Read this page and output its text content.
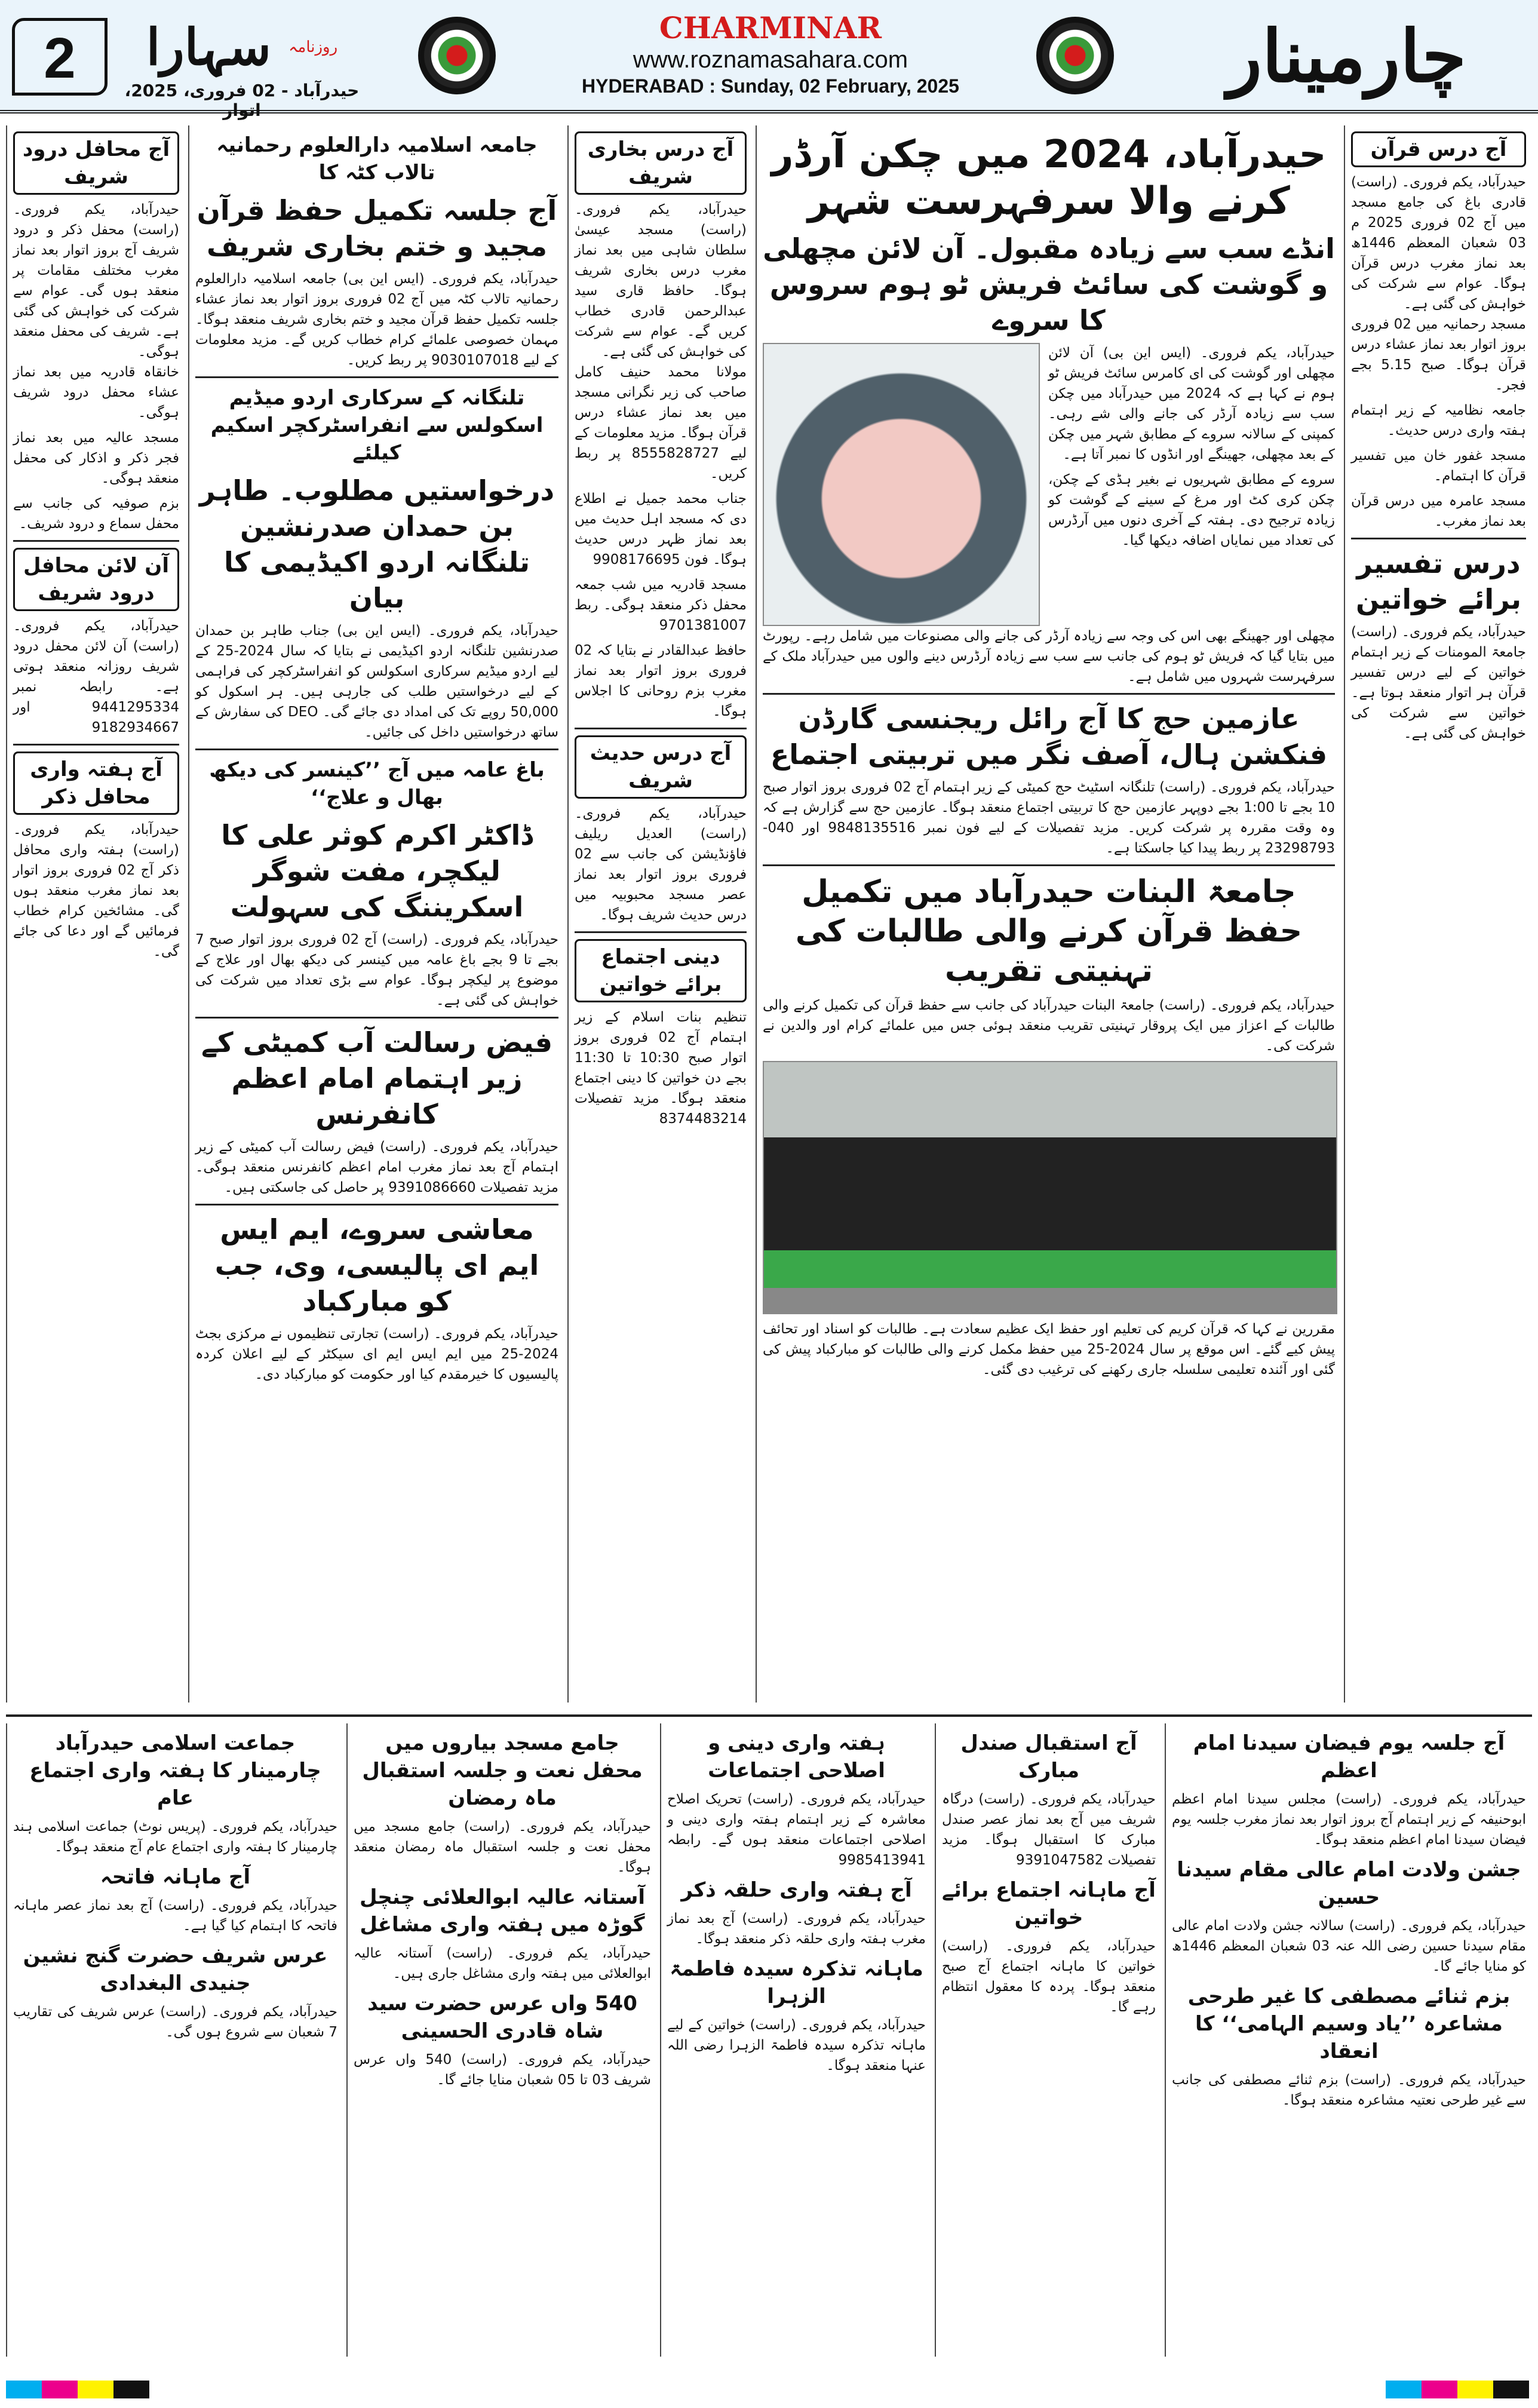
2	$^{روزنامہ}$ سہارا
حیدرآباد - 02 فروری، 2025، اتوار
CHARMINAR
www.roznamasahara.com
HYDERABAD : Sunday, 02 February, 2025	چارمینار
آج محافل درود شریف
حیدرآباد، یکم فروری۔ (راست) محفل ذکر و درود شریف آج بروز اتوار بعد نماز مغرب مختلف مقامات پر منعقد ہوں گی۔ عوام سے شرکت کی خواہش کی گئی ہے۔ شریف کی محفل منعقد ہوگی۔

خانقاہ قادریہ میں بعد نماز عشاء محفل درود شریف ہوگی۔

مسجد عالیہ میں بعد نماز فجر ذکر و اذکار کی محفل منعقد ہوگی۔

بزم صوفیہ کی جانب سے محفل سماع و درود شریف۔

آن لائن محافل درود شریف
حیدرآباد، یکم فروری۔ (راست) آن لائن محفل درود شریف روزانہ منعقد ہوتی ہے۔ رابطہ نمبر 9441295334 اور 9182934667
آج ہفتہ واری محافل ذکر
حیدرآباد، یکم فروری۔ (راست) ہفتہ واری محافل ذکر آج 02 فروری بروز اتوار بعد نماز مغرب منعقد ہوں گی۔ مشائخین کرام خطاب فرمائیں گے اور دعا کی جائے گی۔
جامعہ اسلامیہ دارالعلوم رحمانیہ تالاب کٹہ کا
آج جلسہ تکمیل حفظ قرآن مجید و ختم بخاری شریف
حیدرآباد، یکم فروری۔ (ایس این بی) جامعہ اسلامیہ دارالعلوم رحمانیہ تالاب کٹہ میں آج 02 فروری بروز اتوار بعد نماز عشاء جلسہ تکمیل حفظ قرآن مجید و ختم بخاری شریف منعقد ہوگا۔ مہمان خصوصی علمائے کرام خطاب کریں گے۔ مزید معلومات کے لیے 9030107018 پر ربط کریں۔
تلنگانہ کے سرکاری اردو میڈیم اسکولس سے انفراسٹرکچر اسکیم کیلئے
درخواستیں مطلوب۔ طاہر بن حمدان صدرنشین تلنگانہ اردو اکیڈیمی کا بیان
حیدرآباد، یکم فروری۔ (ایس این بی) جناب طاہر بن حمدان صدرنشین تلنگانہ اردو اکیڈیمی نے بتایا کہ سال 2024-25 کے لیے اردو میڈیم سرکاری اسکولس کو انفراسٹرکچر کی فراہمی کے لیے درخواستیں طلب کی جارہی ہیں۔ ہر اسکول کو 50,000 روپے تک کی امداد دی جائے گی۔ DEO کی سفارش کے ساتھ درخواستیں داخل کی جائیں۔
باغ عامہ میں آج ’’کینسر کی دیکھ بھال و علاج‘‘
ڈاکٹر اکرم کوثر علی کا لیکچر، مفت شوگر اسکریننگ کی سہولت
حیدرآباد، یکم فروری۔ (راست) آج 02 فروری بروز اتوار صبح 7 بجے تا 9 بجے باغ عامہ میں کینسر کی دیکھ بھال اور علاج کے موضوع پر لیکچر ہوگا۔ عوام سے بڑی تعداد میں شرکت کی خواہش کی گئی ہے۔
فیض رسالت آب کمیٹی کے زیر اہتمام امام اعظم کانفرنس
حیدرآباد، یکم فروری۔ (راست) فیض رسالت آب کمیٹی کے زیر اہتمام آج بعد نماز مغرب امام اعظم کانفرنس منعقد ہوگی۔ مزید تفصیلات 9391086660 پر حاصل کی جاسکتی ہیں۔
معاشی سروے، ایم ایس ایم ای پالیسی، وی، جب کو مبارکباد
حیدرآباد، یکم فروری۔ (راست) تجارتی تنظیموں نے مرکزی بجٹ 2024-25 میں ایم ایس ایم ای سیکٹر کے لیے اعلان کردہ پالیسیوں کا خیرمقدم کیا اور حکومت کو مبارکباد دی۔
آج درس بخاری شریف
حیدرآباد، یکم فروری۔ (راست) مسجد عیسیٰ سلطان شاہی میں بعد نماز مغرب درس بخاری شریف ہوگا۔ حافظ قاری سید عبدالرحمن قادری خطاب کریں گے۔ عوام سے شرکت کی خواہش کی گئی ہے۔

مولانا محمد حنیف کامل صاحب کی زیر نگرانی مسجد میں بعد نماز عشاء درس قرآن ہوگا۔ مزید معلومات کے لیے 8555828727 پر ربط کریں۔

جناب محمد جمیل نے اطلاع دی کہ مسجد اہل حدیث میں بعد نماز ظہر درس حدیث ہوگا۔ فون 9908176695

مسجد قادریہ میں شب جمعہ محفل ذکر منعقد ہوگی۔ ربط 9701381007

حافظ عبدالقادر نے بتایا کہ 02 فروری بروز اتوار بعد نماز مغرب بزم روحانی کا اجلاس ہوگا۔

آج درس حدیث شریف
حیدرآباد، یکم فروری۔ (راست) العدیل ریلیف فاؤنڈیشن کی جانب سے 02 فروری بروز اتوار بعد نماز عصر مسجد محبوبیہ میں درس حدیث شریف ہوگا۔
دینی اجتماع برائے خواتین
تنظیم بنات اسلام کے زیر اہتمام آج 02 فروری بروز اتوار صبح 10:30 تا 11:30 بجے دن خواتین کا دینی اجتماع منعقد ہوگا۔ مزید تفصیلات 8374483214
حیدرآباد، 2024 میں چکن آرڈر کرنے والا سرفہرست شہر
انڈے سب سے زیادہ مقبول۔ آن لائن مچھلی و گوشت کی سائٹ فریش ٹو ہوم سروس کا سروے

حیدرآباد، یکم فروری۔ (ایس این بی) آن لائن مچھلی اور گوشت کی ای کامرس سائٹ فریش ٹو ہوم نے کہا ہے کہ 2024 میں حیدرآباد میں چکن سب سے زیادہ آرڈر کی جانے والی شے رہی۔ کمپنی کے سالانہ سروے کے مطابق شہر میں چکن کے بعد مچھلی، جھینگے اور انڈوں کا نمبر آتا ہے۔

سروے کے مطابق شہریوں نے بغیر ہڈی کے چکن، چکن کری کٹ اور مرغ کے سینے کے گوشت کو زیادہ ترجیح دی۔ ہفتہ کے آخری دنوں میں آرڈرس کی تعداد میں نمایاں اضافہ دیکھا گیا۔

مچھلی اور جھینگے بھی اس کی وجہ سے زیادہ آرڈر کی جانے والی مصنوعات میں شامل رہے۔ رپورٹ میں بتایا گیا کہ فریش ٹو ہوم کی جانب سے سب سے زیادہ آرڈرس دینے والوں میں حیدرآباد ملک کے سرفہرست شہروں میں شامل ہے۔

عازمین حج کا آج رائل ریجنسی گارڈن فنکشن ہال، آصف نگر میں تربیتی اجتماع
حیدرآباد، یکم فروری۔ (راست) تلنگانہ اسٹیٹ حج کمیٹی کے زیر اہتمام آج 02 فروری بروز اتوار صبح 10 بجے تا 1:00 بجے دوپہر عازمین حج کا تربیتی اجتماع منعقد ہوگا۔ عازمین حج سے گزارش ہے کہ وہ وقت مقررہ پر شرکت کریں۔ مزید تفصیلات کے لیے فون نمبر 9848135516 اور 040-23298793 پر ربط پیدا کیا جاسکتا ہے۔
جامعۃ البنات حیدرآباد میں تکمیل حفظ قرآن کرنے والی طالبات کی تہنیتی تقریب

حیدرآباد، یکم فروری۔ (راست) جامعۃ البنات حیدرآباد کی جانب سے حفظ قرآن کی تکمیل کرنے والی طالبات کے اعزاز میں ایک پروقار تہنیتی تقریب منعقد ہوئی جس میں علمائے کرام اور والدین نے شرکت کی۔

مقررین نے کہا کہ قرآن کریم کی تعلیم اور حفظ ایک عظیم سعادت ہے۔ طالبات کو اسناد اور تحائف پیش کیے گئے۔ اس موقع پر سال 2024-25 میں حفظ مکمل کرنے والی طالبات کو مبارکباد پیش کی گئی اور آئندہ تعلیمی سلسلہ جاری رکھنے کی ترغیب دی گئی۔

آج درس قرآن
حیدرآباد، یکم فروری۔ (راست) قادری باغ کی جامع مسجد میں آج 02 فروری 2025 م 03 شعبان المعظم 1446ھ بعد نماز مغرب درس قرآن ہوگا۔ عوام سے شرکت کی خواہش کی گئی ہے۔

مسجد رحمانیہ میں 02 فروری بروز اتوار بعد نماز عشاء درس قرآن ہوگا۔ صبح 5.15 بجے فجر۔

جامعہ نظامیہ کے زیر اہتمام ہفتہ واری درس حدیث۔

مسجد غفور خان میں تفسیر قرآن کا اہتمام۔

مسجد عامرہ میں درس قرآن بعد نماز مغرب۔

درس تفسیر برائے خواتین
حیدرآباد، یکم فروری۔ (راست) جامعۃ المومنات کے زیر اہتمام خواتین کے لیے درس تفسیر قرآن ہر اتوار منعقد ہوتا ہے۔ خواتین سے شرکت کی خواہش کی گئی ہے۔
آج جلسہ یوم فیضان سیدنا امام اعظم
حیدرآباد، یکم فروری۔ (راست) مجلس سیدنا امام اعظم ابوحنیفہ کے زیر اہتمام آج بروز اتوار بعد نماز مغرب جلسہ یوم فیضان سیدنا امام اعظم منعقد ہوگا۔
جشن ولادت امام عالی مقام سیدنا حسین
حیدرآباد، یکم فروری۔ (راست) سالانہ جشن ولادت امام عالی مقام سیدنا حسین رضی اللہ عنہ 03 شعبان المعظم 1446ھ کو منایا جائے گا۔
بزم ثنائے مصطفی کا غیر طرحی مشاعرہ ’’یاد وسیم الہامی‘‘ کا انعقاد
حیدرآباد، یکم فروری۔ (راست) بزم ثنائے مصطفی کی جانب سے غیر طرحی نعتیہ مشاعرہ منعقد ہوگا۔
آج استقبال صندل مبارک
حیدرآباد، یکم فروری۔ (راست) درگاہ شریف میں آج بعد نماز عصر صندل مبارک کا استقبال ہوگا۔ مزید تفصیلات 9391047582
آج ماہانہ اجتماع برائے خواتین
حیدرآباد، یکم فروری۔ (راست) خواتین کا ماہانہ اجتماع آج صبح منعقد ہوگا۔ پردہ کا معقول انتظام رہے گا۔
ہفتہ واری دینی و اصلاحی اجتماعات
حیدرآباد، یکم فروری۔ (راست) تحریک اصلاح معاشرہ کے زیر اہتمام ہفتہ واری دینی و اصلاحی اجتماعات منعقد ہوں گے۔ رابطہ 9985413941
آج ہفتہ واری حلقہ ذکر
حیدرآباد، یکم فروری۔ (راست) آج بعد نماز مغرب ہفتہ واری حلقہ ذکر منعقد ہوگا۔
ماہانہ تذکرہ سیدہ فاطمۃ الزہرا
حیدرآباد، یکم فروری۔ (راست) خواتین کے لیے ماہانہ تذکرہ سیدہ فاطمۃ الزہرا رضی اللہ عنہا منعقد ہوگا۔
جامع مسجد بیاروں میں محفل نعت و جلسہ استقبال ماہ رمضان
حیدرآباد، یکم فروری۔ (راست) جامع مسجد میں محفل نعت و جلسہ استقبال ماہ رمضان منعقد ہوگا۔
آستانہ عالیہ ابوالعلائی چنچل گوڑہ میں ہفتہ واری مشاغل
حیدرآباد، یکم فروری۔ (راست) آستانہ عالیہ ابوالعلائی میں ہفتہ واری مشاغل جاری ہیں۔
540 واں عرس حضرت سید شاہ قادری الحسینی
حیدرآباد، یکم فروری۔ (راست) 540 واں عرس شریف 03 تا 05 شعبان منایا جائے گا۔
جماعت اسلامی حیدرآباد چارمینار کا ہفتہ واری اجتماع عام
حیدرآباد، یکم فروری۔ (پریس نوٹ) جماعت اسلامی ہند چارمینار کا ہفتہ واری اجتماع عام آج منعقد ہوگا۔
آج ماہانہ فاتحہ
حیدرآباد، یکم فروری۔ (راست) آج بعد نماز عصر ماہانہ فاتحہ کا اہتمام کیا گیا ہے۔
عرس شریف حضرت گنج نشین جنیدی البغدادی
حیدرآباد، یکم فروری۔ (راست) عرس شریف کی تقاریب 7 شعبان سے شروع ہوں گی۔
